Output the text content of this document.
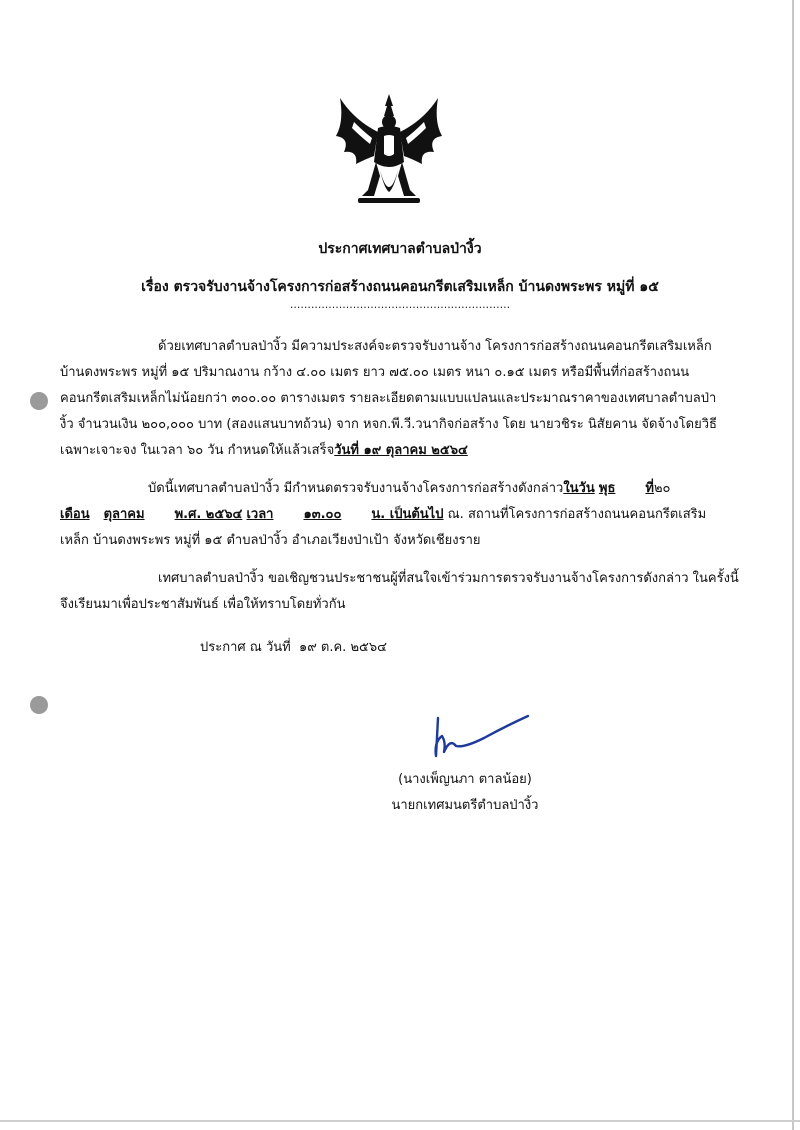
ประกาศเทศบาลตำบลป่างิ้ว
เรื่อง ตรวจรับงานจ้างโครงการก่อสร้างถนนคอนกรีตเสริมเหล็ก บ้านดงพระพร หมู่ที่ ๑๕
...............................................................
ด้วยเทศบาลตำบลป่างิ้ว มีความประสงค์จะตรวจรับงานจ้าง โครงการก่อสร้างถนนคอนกรีตเสริมเหล็ก
บ้านดงพระพร หมู่ที่ ๑๕ ปริมาณงาน กว้าง ๔.๐๐ เมตร ยาว ๗๕.๐๐ เมตร หนา ๐.๑๕ เมตร หรือมีพื้นที่ก่อสร้างถนน
คอนกรีตเสริมเหล็กไม่น้อยกว่า ๓๐๐.๐๐ ตารางเมตร รายละเอียดตามแบบแปลนและประมาณราคาของเทศบาลตำบลป่า
งิ้ว จำนวนเงิน ๒๐๐,๐๐๐ บาท (สองแสนบาทถ้วน) จาก หจก.พี.วี.วนากิจก่อสร้าง โดย นายวชิระ นิสัยคาน จัดจ้างโดยวิธี
เฉพาะเจาะจง ในเวลา ๖๐ วัน กำหนดให้แล้วเสร็จวันที่ ๑๙ ตุลาคม ๒๕๖๔
บัดนี้เทศบาลตำบลป่างิ้ว มีกำหนดตรวจรับงานจ้างโครงการก่อสร้างดังกล่าวในวัน พุธ ที่๒๐
เดือน ตุลาคม พ.ศ. ๒๕๖๔ เวลา ๑๓.๐๐ น. เป็นต้นไป ณ. สถานที่โครงการก่อสร้างถนนคอนกรีตเสริม
เหล็ก บ้านดงพระพร หมู่ที่ ๑๕ ตำบลป่างิ้ว อำเภอเวียงป่าเป้า จังหวัดเชียงราย
เทศบาลตำบลป่างิ้ว ขอเชิญชวนประชาชนผู้ที่สนใจเข้าร่วมการตรวจรับงานจ้างโครงการดังกล่าว ในครั้งนี้
จึงเรียนมาเพื่อประชาสัมพันธ์ เพื่อให้ทราบโดยทั่วกัน
ประกาศ ณ วันที่ ๑๙ ต.ค. ๒๕๖๔
(นางเพ็ญนภา ตาลน้อย)
นายกเทศมนตรีตำบลป่างิ้ว
